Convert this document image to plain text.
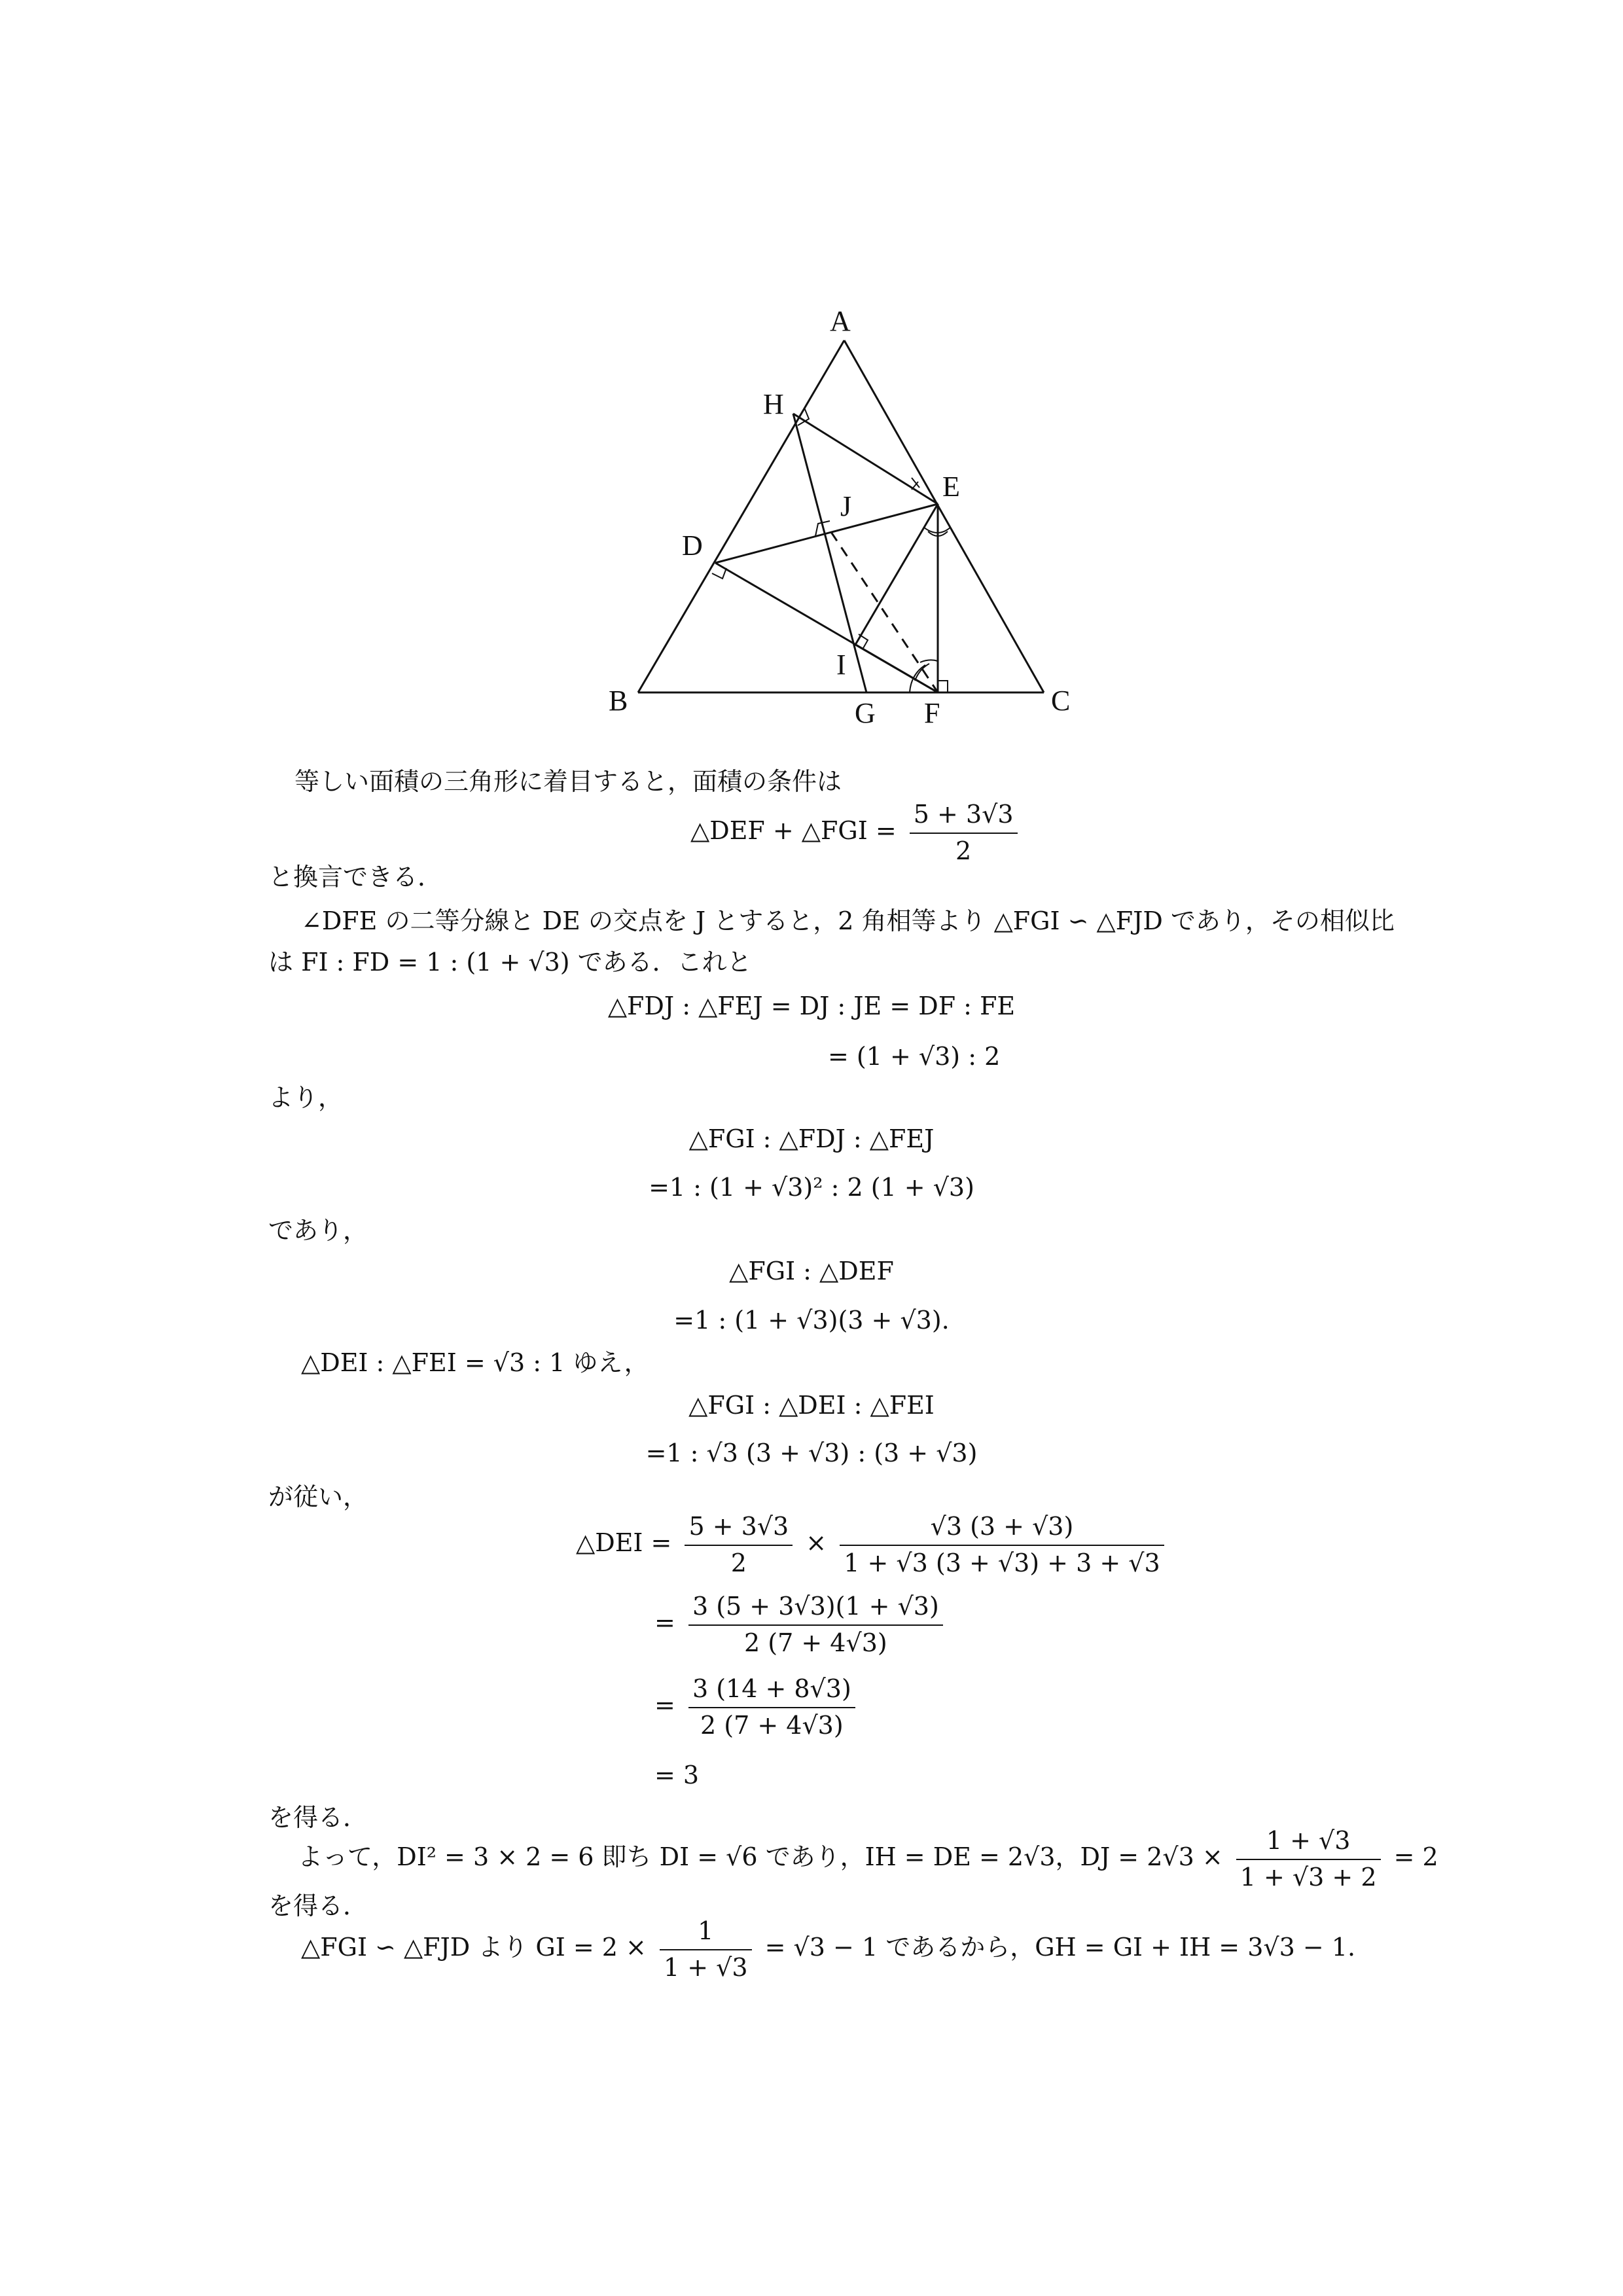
A
B	C
D
E
F
G
H
I
J
等しい面積の三角形に着目すると，面積の条件は
△DEF + △FGI = $\frac{5 + 3√3}{2}$
と換言できる．
∠DFE の二等分線と DE の交点を J とすると，2 角相等より △FGI ∽ △FJD であり，その相似比
は FI : FD = 1 : (1 + √3) である．これと
△FDJ : △FEJ = DJ : JE = DF : FE
= (1 + √3) : 2
より，
△FGI : △FDJ : △FEJ
=1 : (1 + √3)² : 2 (1 + √3)
であり，
△FGI : △DEF
=1 : (1 + √3)(3 + √3).
△DEI : △FEI = √3 : 1 ゆえ，
△FGI : △DEI : △FEI
=1 : √3 (3 + √3) : (3 + √3)
が従い，
△DEI = $\frac{5 + 3√3}{2} \times \frac{√3 (3 + √3)}{1 + √3 (3 + √3) + 3 + √3}$
= $\frac{3 (5 + 3√3)(1 + √3)}{2 (7 + 4√3)}$
= $\frac{3 (14 + 8√3)}{2 (7 + 4√3)}$
= 3
を得る．
よって，DI² = 3 × 2 = 6 即ち DI = √6 であり，IH = DE = 2√3，DJ = $2√3 \times \frac{1 + √3}{1 + √3 + 2} = 2$
を得る．
△FGI ∽ △FJD より GI = $2 \times \frac{1}{1 + √3} = √3 - 1$ であるから，GH = GI + IH = 3√3 − 1.
